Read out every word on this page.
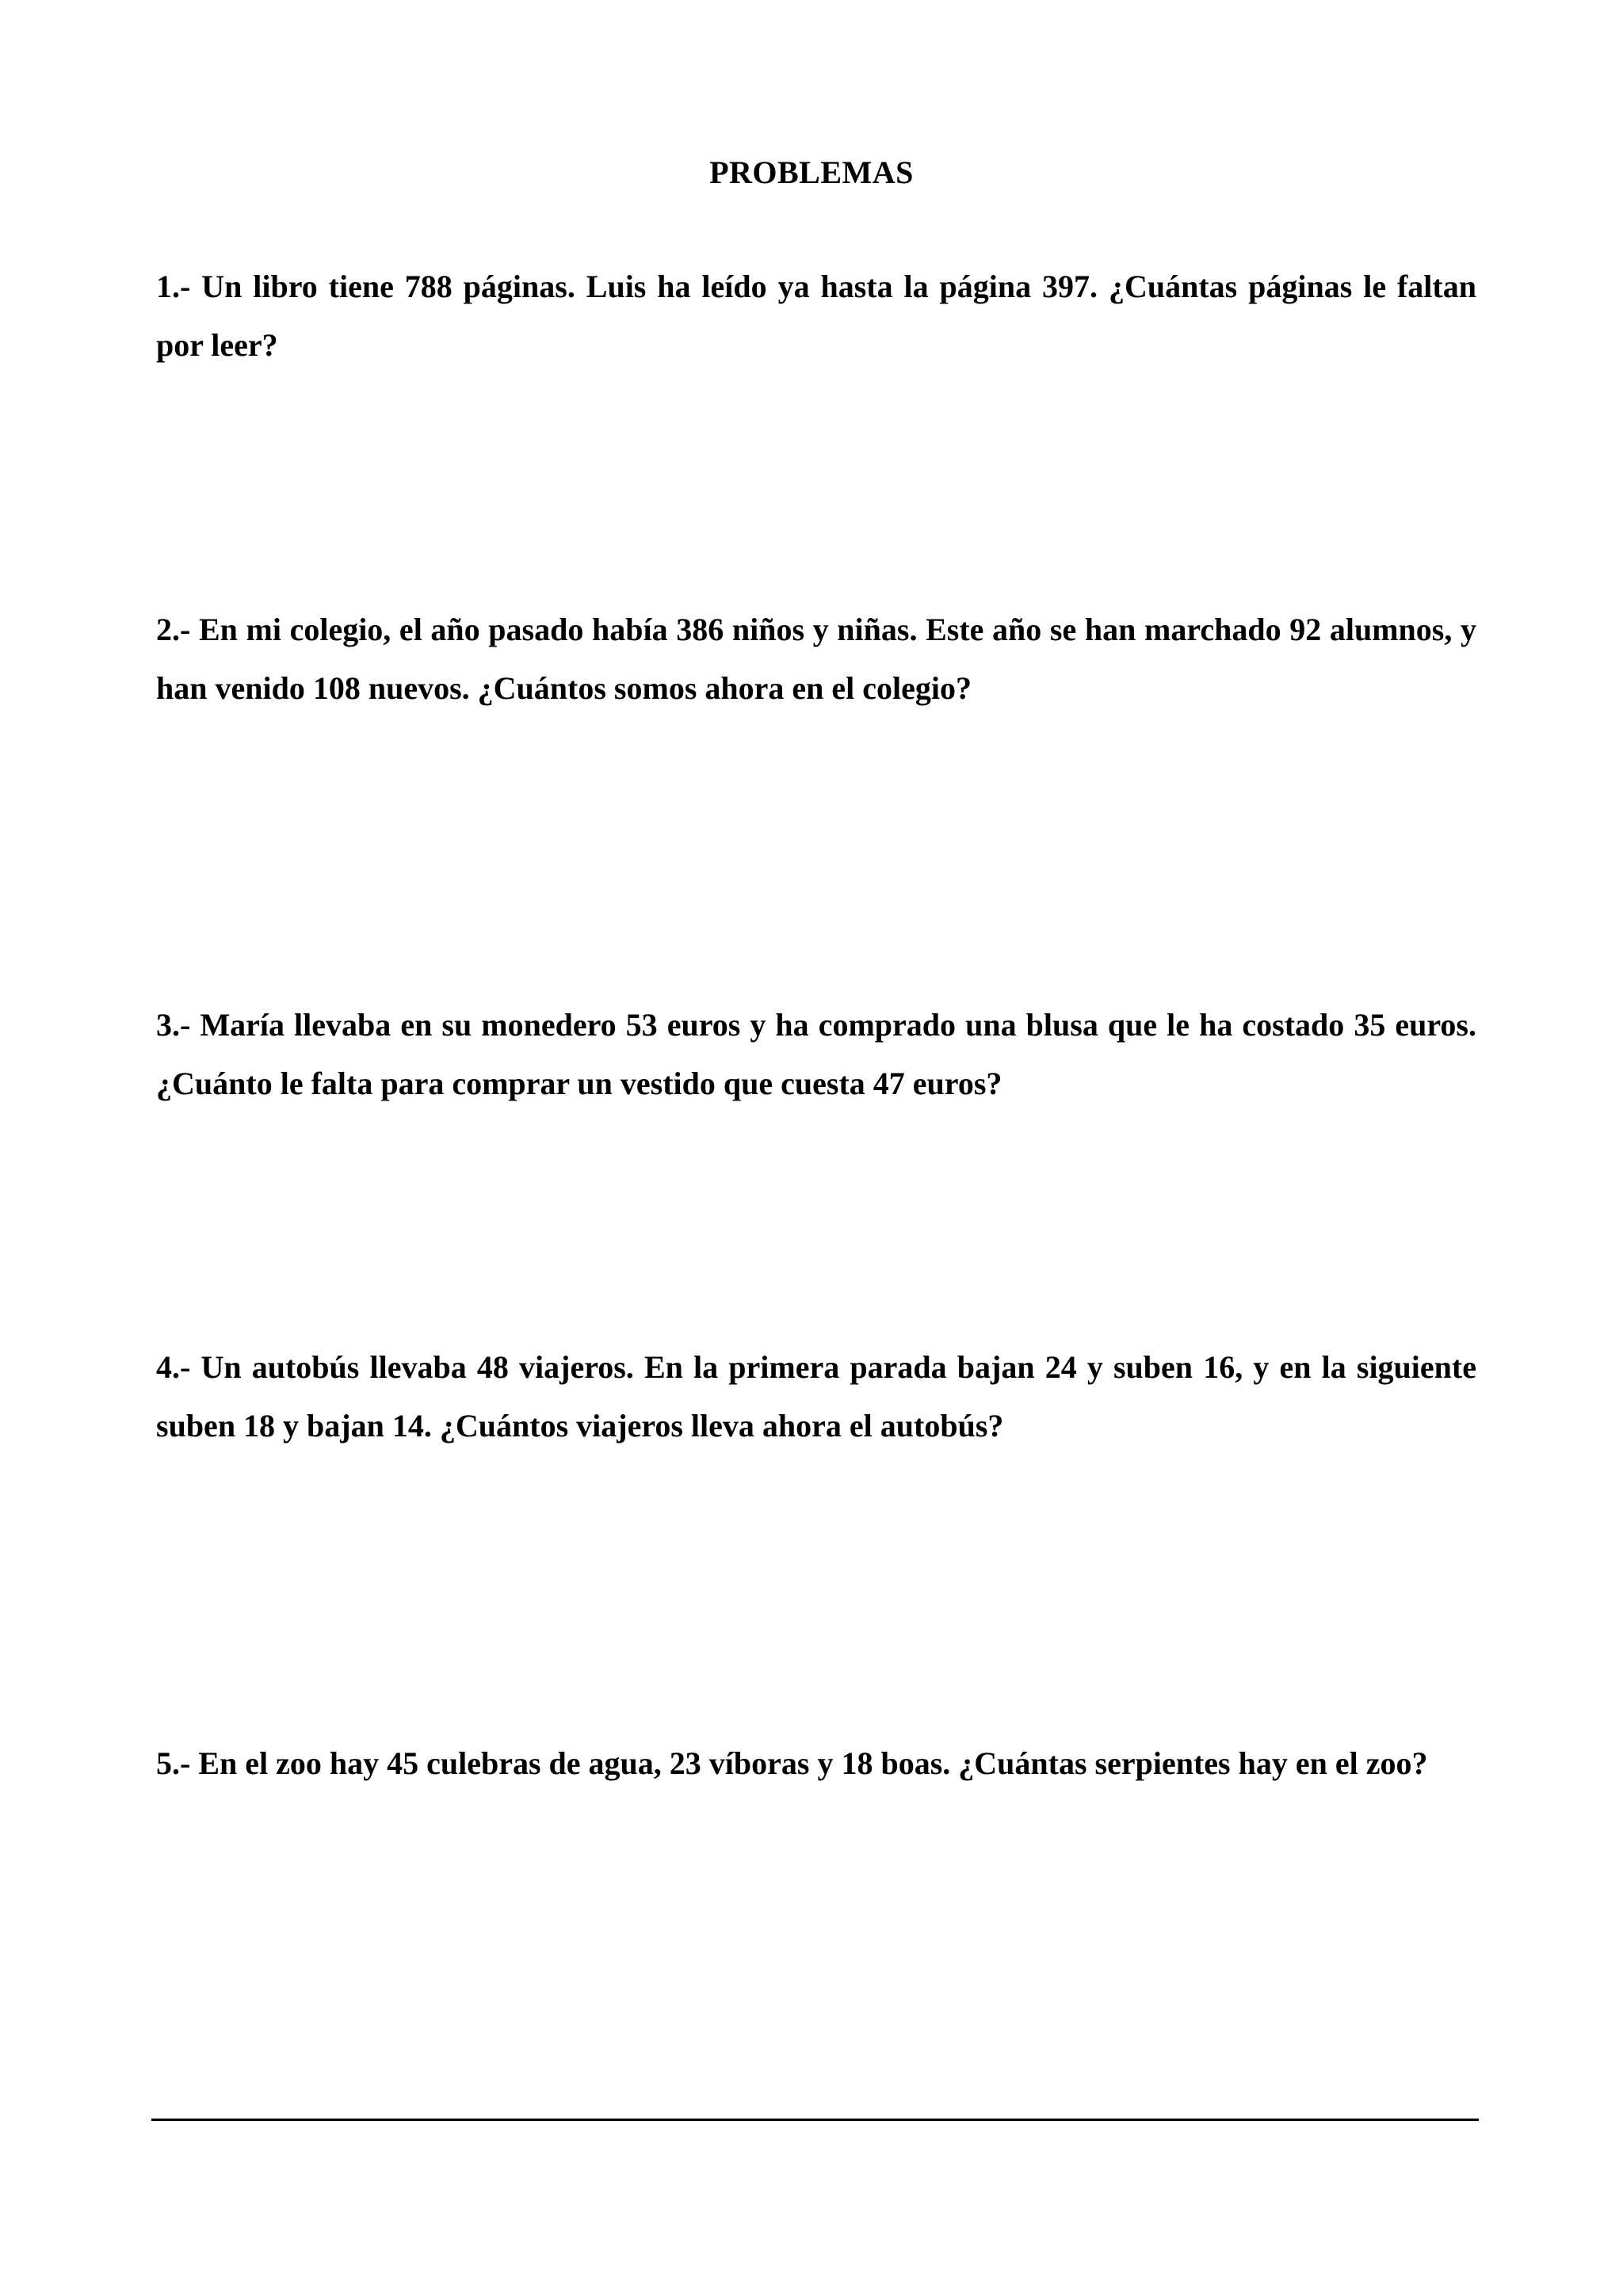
PROBLEMAS
1.- Un libro tiene 788 páginas. Luis ha leído ya hasta la página 397. ¿Cuántas páginas le faltan por leer?
2.- En mi colegio, el año pasado había 386 niños y niñas. Este año se han marchado 92 alumnos, y han venido 108 nuevos. ¿Cuántos somos ahora en el colegio?
3.- María llevaba en su monedero 53 euros y ha comprado una blusa que le ha costado 35 euros. ¿Cuánto le falta para comprar un vestido que cuesta 47 euros?
4.- Un autobús llevaba 48 viajeros. En la primera parada bajan 24 y suben 16, y en la siguiente suben 18 y bajan 14. ¿Cuántos viajeros lleva ahora el autobús?
5.- En el zoo hay 45 culebras de agua, 23 víboras y 18 boas. ¿Cuántas serpientes hay en el zoo?
